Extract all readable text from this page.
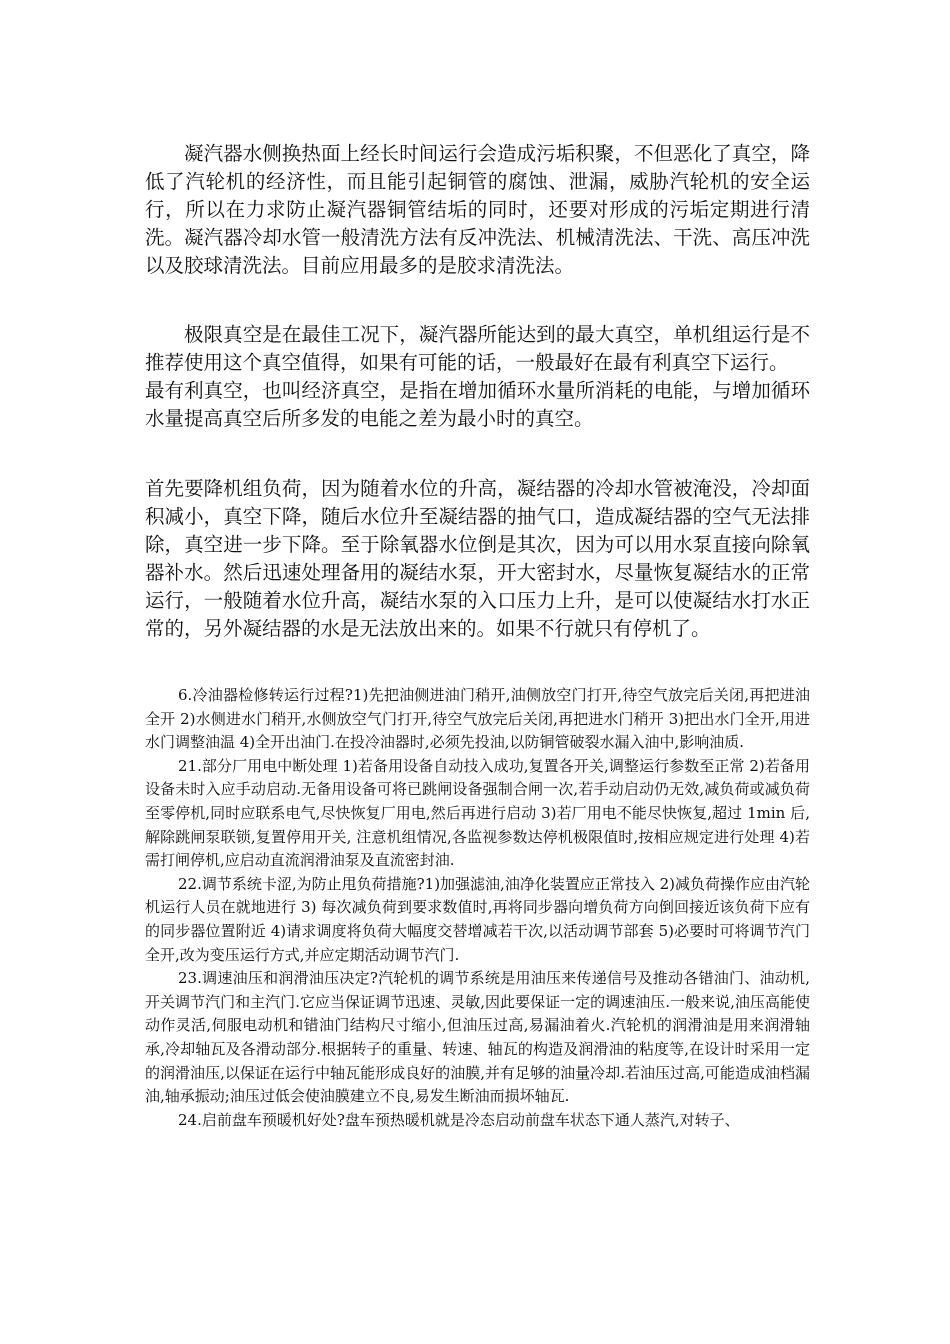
凝汽器水侧换热面上经长时间运行会造成污垢积聚，不但恶化了真空，降低了汽轮机的经济性，而且能引起铜管的腐蚀、泄漏，威胁汽轮机的安全运行，所以在力求防止凝汽器铜管结垢的同时，还要对形成的污垢定期进行清洗。凝汽器冷却水管一般清洗方法有反冲洗法、机械清洗法、干洗、高压冲洗以及胶球清洗法。目前应用最多的是胶求清洗法。

极限真空是在最佳工况下，凝汽器所能达到的最大真空，单机组运行是不推荐使用这个真空值得，如果有可能的话，一般最好在最有利真空下运行。

最有利真空，也叫经济真空，是指在增加循环水量所消耗的电能，与增加循环水量提高真空后所多发的电能之差为最小时的真空。

首先要降机组负荷，因为随着水位的升高，凝结器的冷却水管被淹没，冷却面积减小，真空下降，随后水位升至凝结器的抽气口，造成凝结器的空气无法排除，真空进一步下降。至于除氧器水位倒是其次，因为可以用水泵直接向除氧器补水。然后迅速处理备用的凝结水泵，开大密封水，尽量恢复凝结水的正常运行，一般随着水位升高，凝结水泵的入口压力上升，是可以使凝结水打水正常的，另外凝结器的水是无法放出来的。如果不行就只有停机了。

6.冷油器检修转运行过程?1)先把油侧进油门稍开,油侧放空门打开,待空气放完后关闭,再把进油全开 2)水侧进水门稍开,水侧放空气门打开,待空气放完后关闭,再把进水门稍开 3)把出水门全开,用进水门调整油温 4)全开出油门.在投冷油器时,必须先投油,以防铜管破裂水漏入油中,影响油质.

21.部分厂用电中断处理 1)若备用设备自动技入成功,复置各开关,调整运行参数至正常 2)若备用设备未时入应手动启动.无备用设备可将已跳闸设备强制合闸一次,若手动启动仍无效,减负荷或减负荷至零停机,同时应联系电气,尽快恢复厂用电,然后再进行启动 3)若厂用电不能尽快恢复,超过 1min 后,解除跳闸泵联锁,复置停用开关, 注意机组情况,各监视参数达停机极限值时,按相应规定进行处理 4)若需打闸停机,应启动直流润滑油泵及直流密封油.

22.调节系统卡涩,为防止甩负荷措施?1)加强滤油,油净化装置应正常技入 2)减负荷操作应由汽轮机运行人员在就地进行 3) 每次减负荷到要求数值时,再将同步器向增负荷方向倒回接近该负荷下应有的同步器位置附近 4)请求调度将负荷大幅度交替增减若干次,以活动调节部套 5)必要时可将调节汽门全开,改为变压运行方式,并应定期活动调节汽门.

23.调速油压和润滑油压决定?汽轮机的调节系统是用油压来传递信号及推动各错油门、油动机,开关调节汽门和主汽门.它应当保证调节迅速、灵敏,因此要保证一定的调速油压.一般来说,油压高能使动作灵活,伺服电动机和错油门结构尺寸缩小,但油压过高,易漏油着火.汽轮机的润滑油是用来润滑轴承,冷却轴瓦及各滑动部分.根据转子的重量、转速、轴瓦的构造及润滑油的粘度等,在设计时采用一定的润滑油压,以保证在运行中轴瓦能形成良好的油膜,并有足够的油量冷却.若油压过高,可能造成油档漏油,轴承振动;油压过低会使油膜建立不良,易发生断油而损坏轴瓦.

24.启前盘车预暖机好处?盘车预热暖机就是冷态启动前盘车状态下通人蒸汽,对转子、
